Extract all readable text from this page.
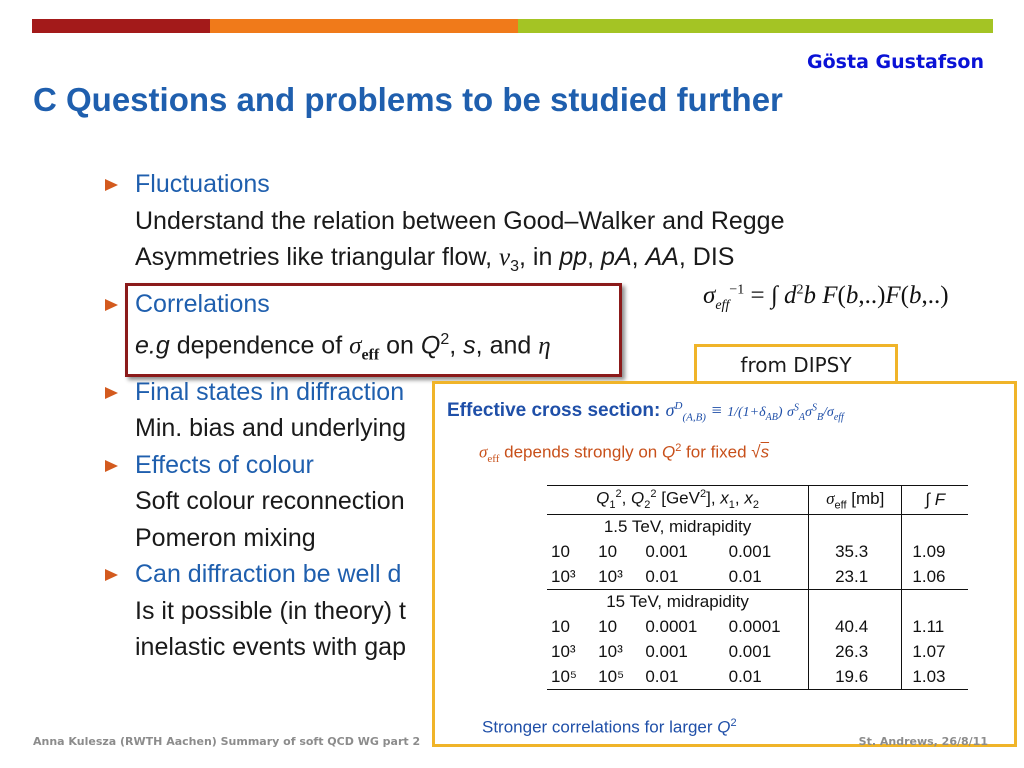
Gösta Gustafson
C Questions and problems to be studied further
Fluctuations
Understand the relation between Good–Walker and Regge
Asymmetries like triangular flow, $v_3$, in pp, pA, AA, DIS
Correlations
e.g dependence of $\sigma_{eff}$ on $Q^2$, s, and η
Final states in diffraction
Min. bias and underlying
Effects of colour
Soft colour reconnection
Pomeron mixing
Can diffraction be well d
Is it possible (in theory) t
inelastic events with gap
$\sigma_{eff}^{-1}$ = ∫ $d^2b$ F(b,..)F(b,..)
from DIPSY
Effective cross section: $\sigma^D_{(A,B)} \equiv 1/(1+\delta_{AB})$ $\sigma^S_A\sigma^S_B/\sigma_{eff}$
$\sigma_{eff}$ depends strongly on $Q^2$ for fixed √s
$Q_1^2$, $Q_2^2$ [GeV$^2$], $x_1$, $x_2$				$\sigma_{eff}$ [mb]	∫ F
1.5 TeV, midrapidity					
10	10	0.001	0.001	35.3	1.09
10³	10³	0.01	0.01	23.1	1.06
15 TeV, midrapidity					
10	10	0.0001	0.0001	40.4	1.11
10³	10³	0.001	0.001	26.3	1.07
10⁵	10⁵	0.01	0.01	19.6	1.03
Stronger correlations for larger $Q^2$
Anna Kulesza (RWTH Aachen) Summary of soft QCD WG part 2	St. Andrews, 26/8/11
